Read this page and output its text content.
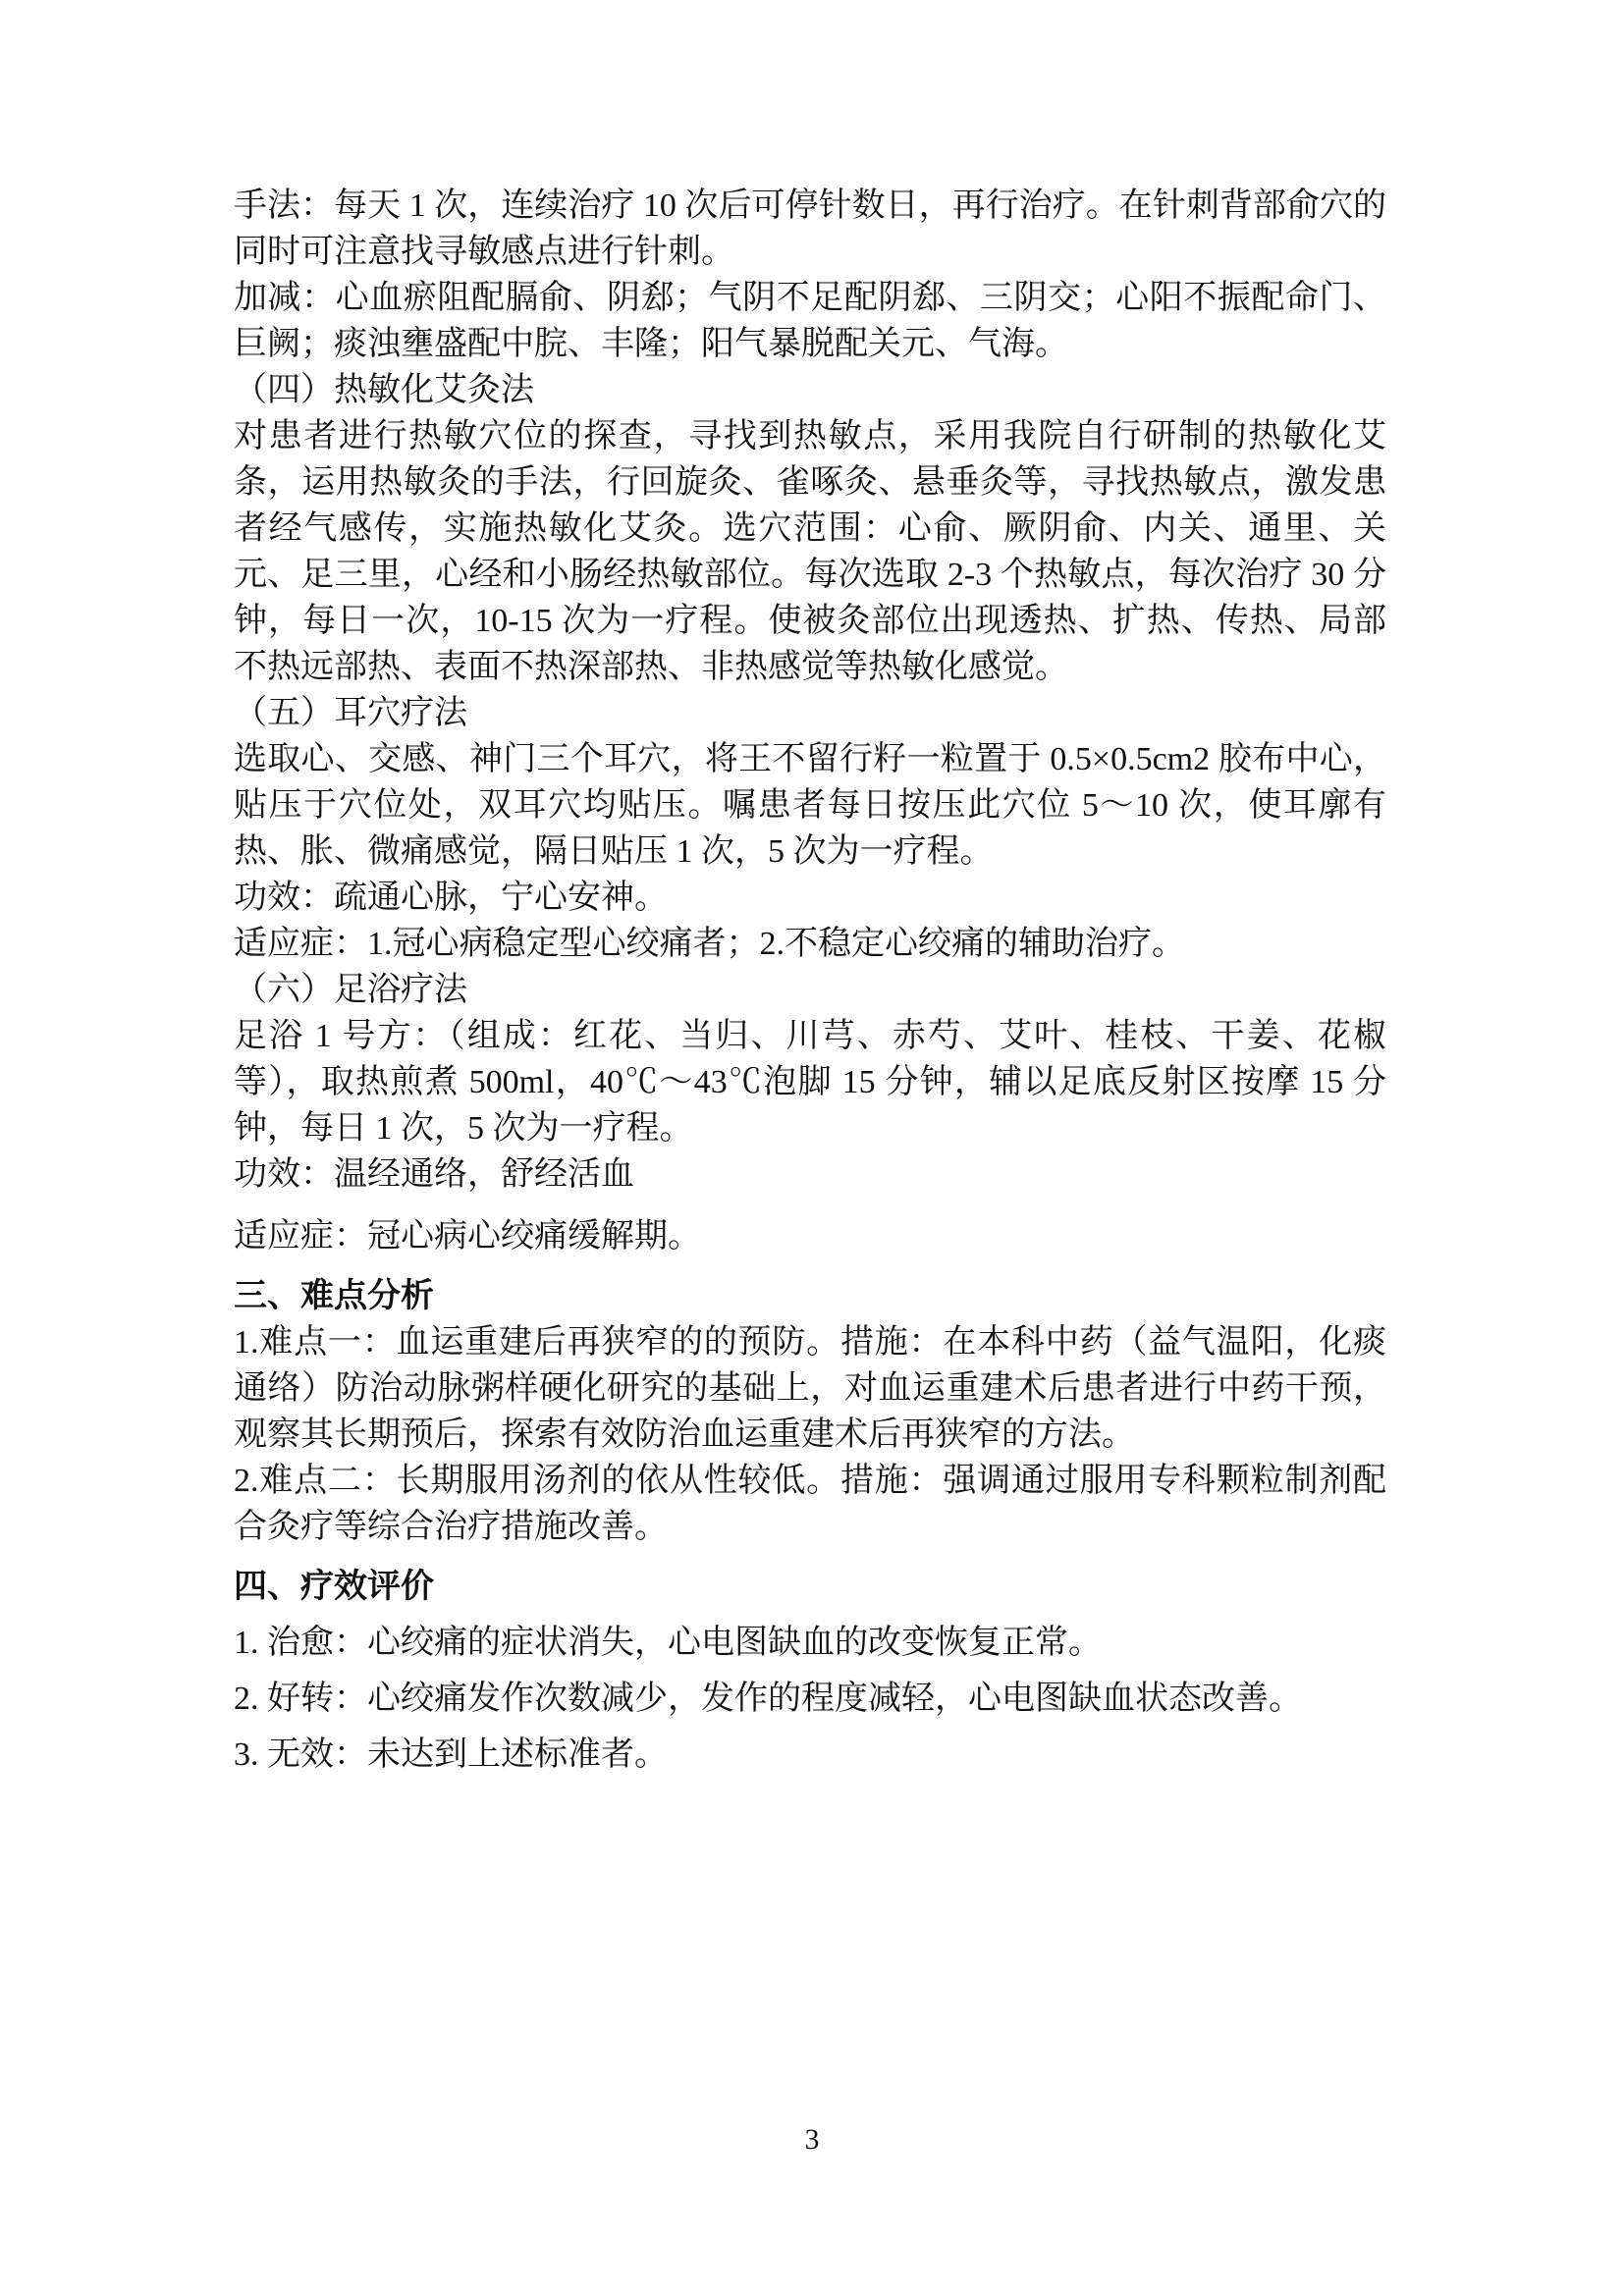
手法：每天 1 次，连续治疗 10 次后可停针数日，再行治疗。在针刺背部俞穴的同时可注意找寻敏感点进行针刺。

加减：心血瘀阻配膈俞、阴郄；气阴不足配阴郄、三阴交；心阳不振配命门、巨阙；痰浊壅盛配中脘、丰隆；阳气暴脱配关元、气海。

（四）热敏化艾灸法

对患者进行热敏穴位的探查，寻找到热敏点，采用我院自行研制的热敏化艾条，运用热敏灸的手法，行回旋灸、雀啄灸、悬垂灸等，寻找热敏点，激发患者经气感传，实施热敏化艾灸。选穴范围：心俞、厥阴俞、内关、通里、关元、足三里，心经和小肠经热敏部位。每次选取 2-3 个热敏点，每次治疗 30 分钟，每日一次，10-15 次为一疗程。使被灸部位出现透热、扩热、传热、局部不热远部热、表面不热深部热、非热感觉等热敏化感觉。

（五）耳穴疗法

选取心、交感、神门三个耳穴，将王不留行籽一粒置于 0.5×0.5cm2 胶布中心，贴压于穴位处，双耳穴均贴压。嘱患者每日按压此穴位 5～10 次，使耳廓有热、胀、微痛感觉，隔日贴压 1 次，5 次为一疗程。

功效：疏通心脉，宁心安神。

适应症：1.冠心病稳定型心绞痛者；2.不稳定心绞痛的辅助治疗。

（六）足浴疗法

足浴 1 号方：（组成：红花、当归、川芎、赤芍、艾叶、桂枝、干姜、花椒等），取热煎煮 500ml，40℃～43℃泡脚 15 分钟，辅以足底反射区按摩 15 分钟，每日 1 次，5 次为一疗程。

功效：温经通络，舒经活血

适应症：冠心病心绞痛缓解期。

三、难点分析

1.难点一：血运重建后再狭窄的的预防。措施：在本科中药（益气温阳，化痰通络）防治动脉粥样硬化研究的基础上，对血运重建术后患者进行中药干预，观察其长期预后，探索有效防治血运重建术后再狭窄的方法。

2.难点二：长期服用汤剂的依从性较低。措施：强调通过服用专科颗粒制剂配合灸疗等综合治疗措施改善。

四、疗效评价

1. 治愈：心绞痛的症状消失，心电图缺血的改变恢复正常。

2. 好转：心绞痛发作次数减少，发作的程度减轻，心电图缺血状态改善。

3. 无效：未达到上述标准者。

3
